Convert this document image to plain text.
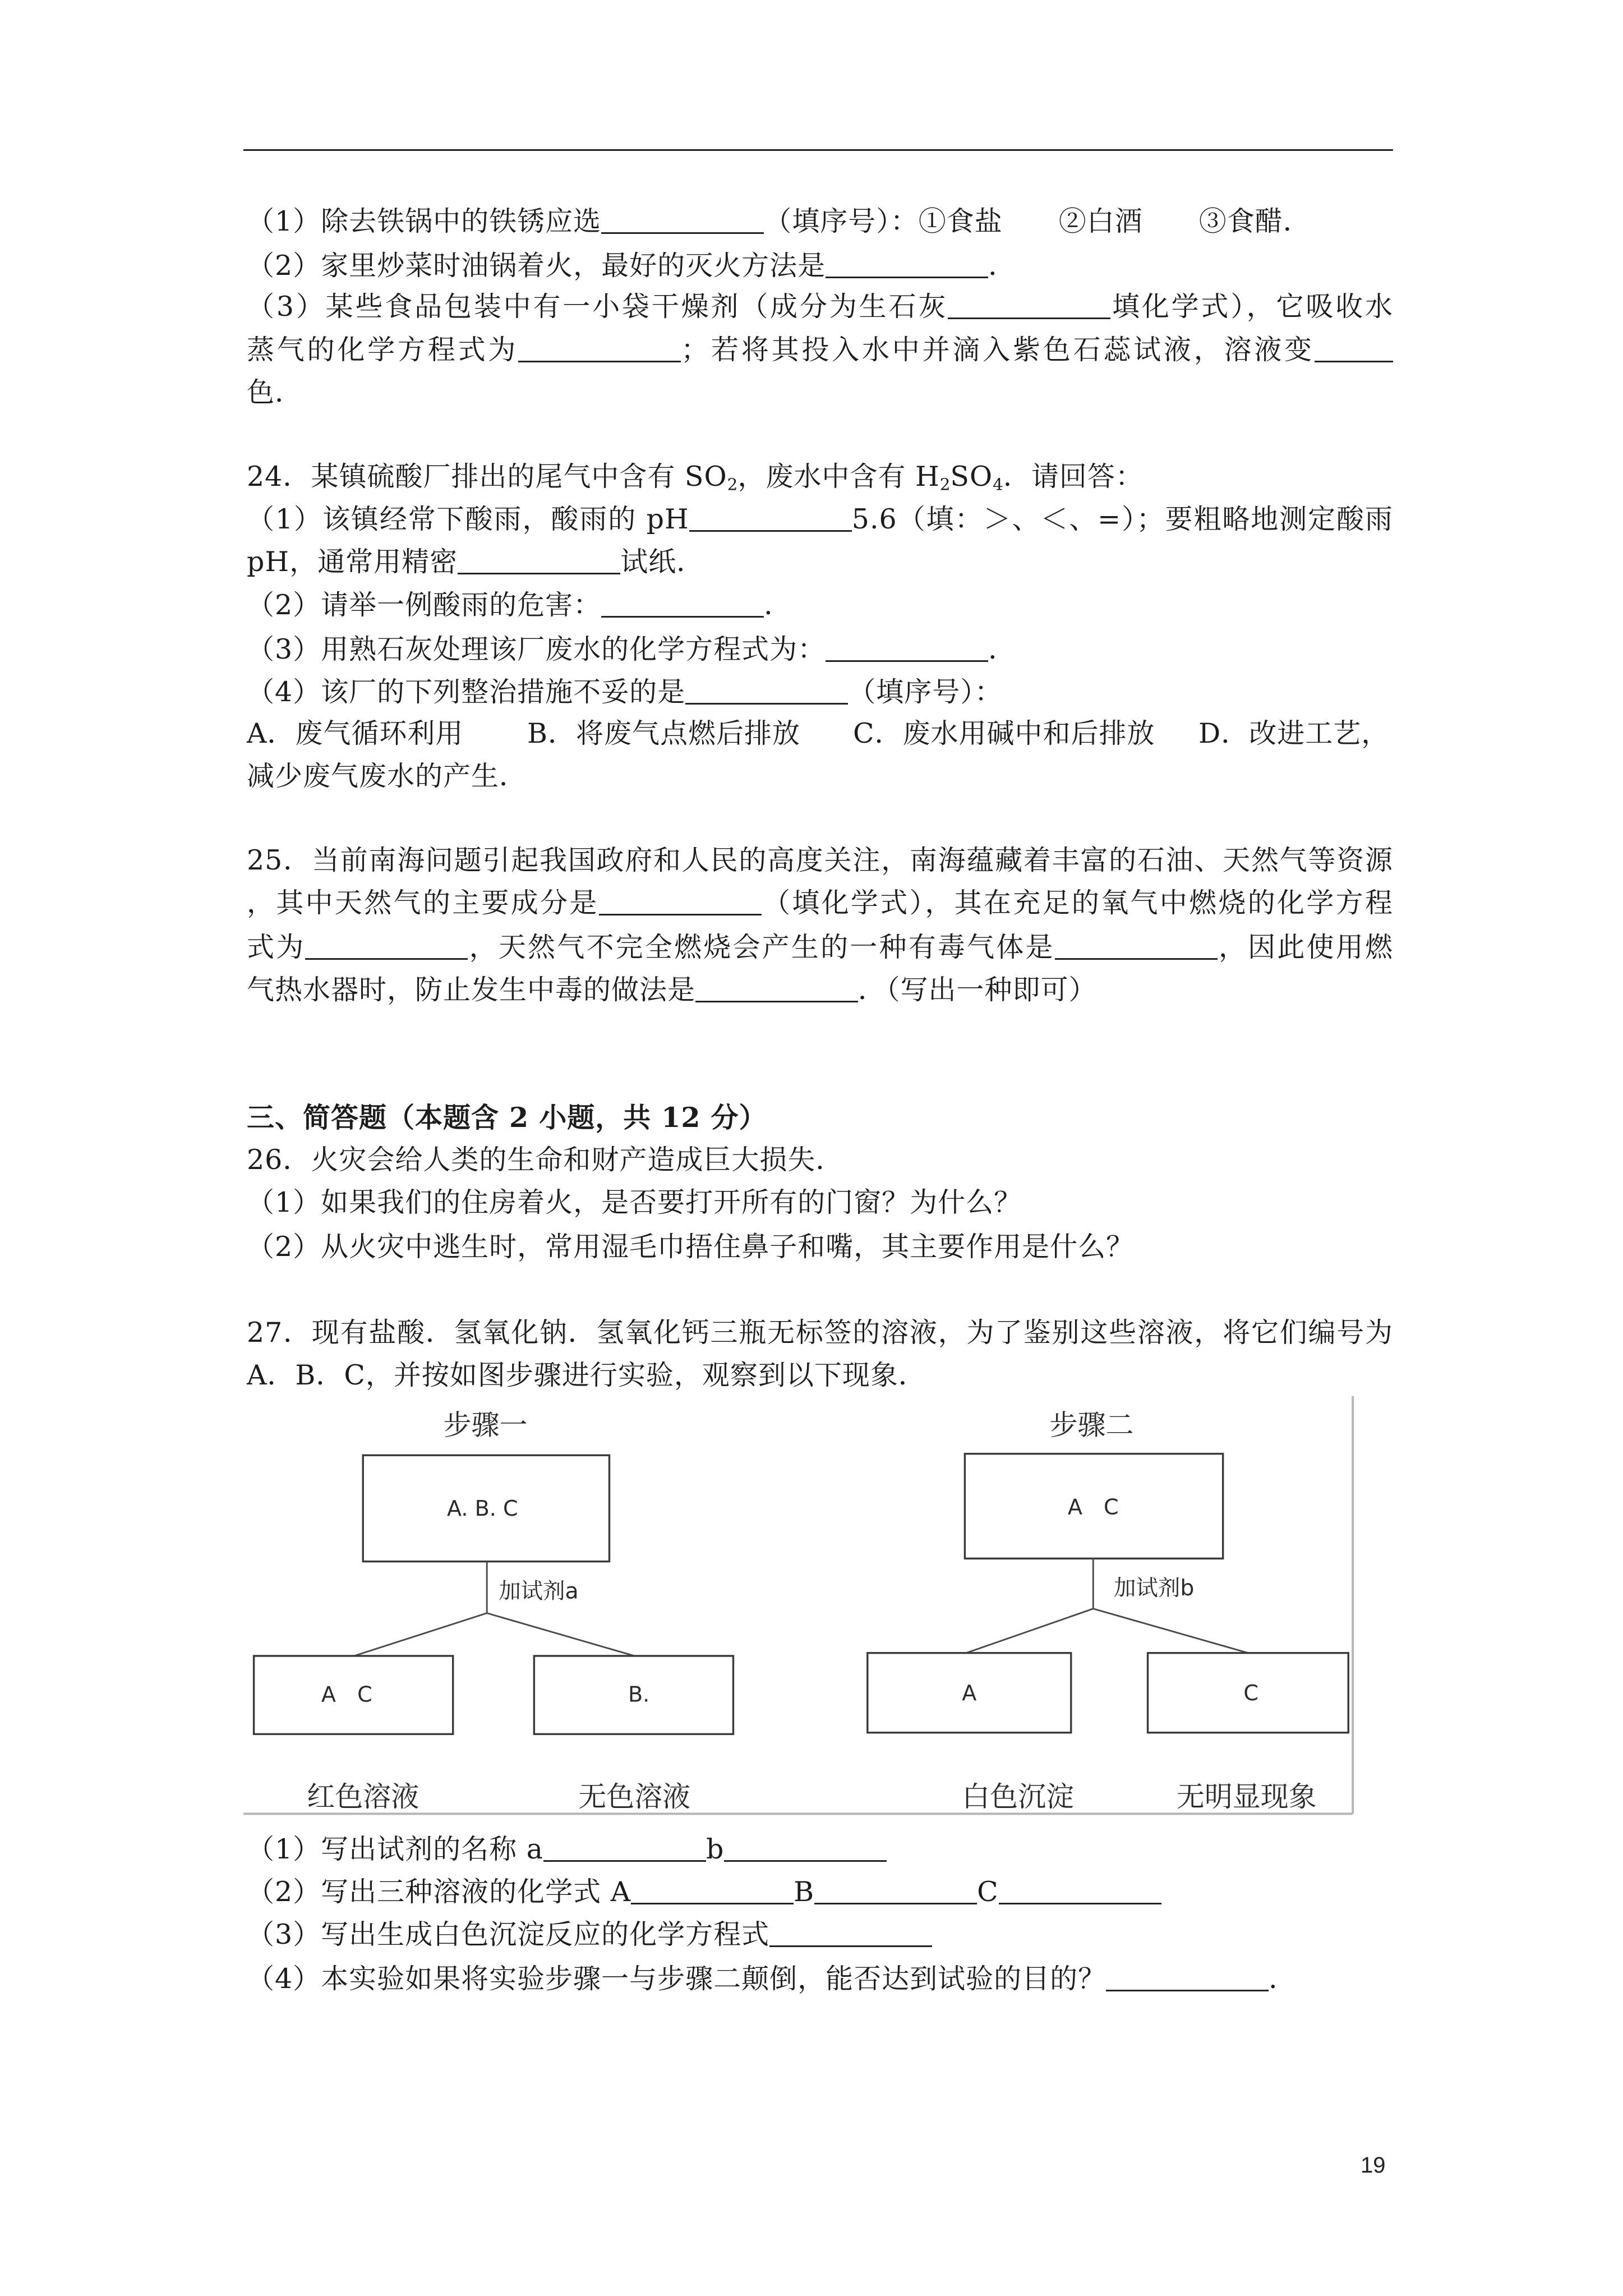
（1）除去铁锅中的铁锈应选	（填序号）：①食盐　　②白酒　　③食醋．
（2）家里炒菜时油锅着火，最好的灭火方法是	．
（3）某些食品包装中有一小袋干燥剂（成分为生石灰	填化学式），它吸收水
蒸气的化学方程式为	；若将其投入水中并滴入紫色石蕊试液，溶液变
色．
24．某镇硫酸厂排出的尾气中含有 $SO_2$，废水中含有 $H_2SO_4$．请回答：
（1）该镇经常下酸雨，酸雨的 pH	5.6（填：＞、＜、=）；要粗略地测定酸雨
pH，通常用精密	试纸．
（2）请举一例酸雨的危害：	．
（3）用熟石灰处理该厂废水的化学方程式为：	．
（4）该厂的下列整治措施不妥的是	（填序号）：
A．废气循环利用 B．将废气点燃后排放 C．废水用碱中和后排放 D．改进工艺，
减少废气废水的产生．
25．当前南海问题引起我国政府和人民的高度关注，南海蕴藏着丰富的石油、天然气等资源
，其中天然气的主要成分是	（填化学式），其在充足的氧气中燃烧的化学方程
式为	，天然气不完全燃烧会产生的一种有毒气体是	，因此使用燃
气热水器时，防止发生中毒的做法是	．（写出一种即可）
三、简答题（本题含 2 小题，共 12 分）
26．火灾会给人类的生命和财产造成巨大损失．
（1）如果我们的住房着火，是否要打开所有的门窗？为什么？
（2）从火灾中逃生时，常用湿毛巾捂住鼻子和嘴，其主要作用是什么？
27．现有盐酸．氢氧化钠．氢氧化钙三瓶无标签的溶液，为了鉴别这些溶液，将它们编号为
A．B．C，并按如图步骤进行实验，观察到以下现象．
步骤一
A. B. C
加试剂a
A　C	B.
红色溶液	无色溶液
步骤二
A　C
加试剂b
A	C
白色沉淀	无明显现象
（1）写出试剂的名称 a	b
（2）写出三种溶液的化学式 A	B	C
（3）写出生成白色沉淀反应的化学方程式
（4）本实验如果将实验步骤一与步骤二颠倒，能否达到试验的目的？	．
19
